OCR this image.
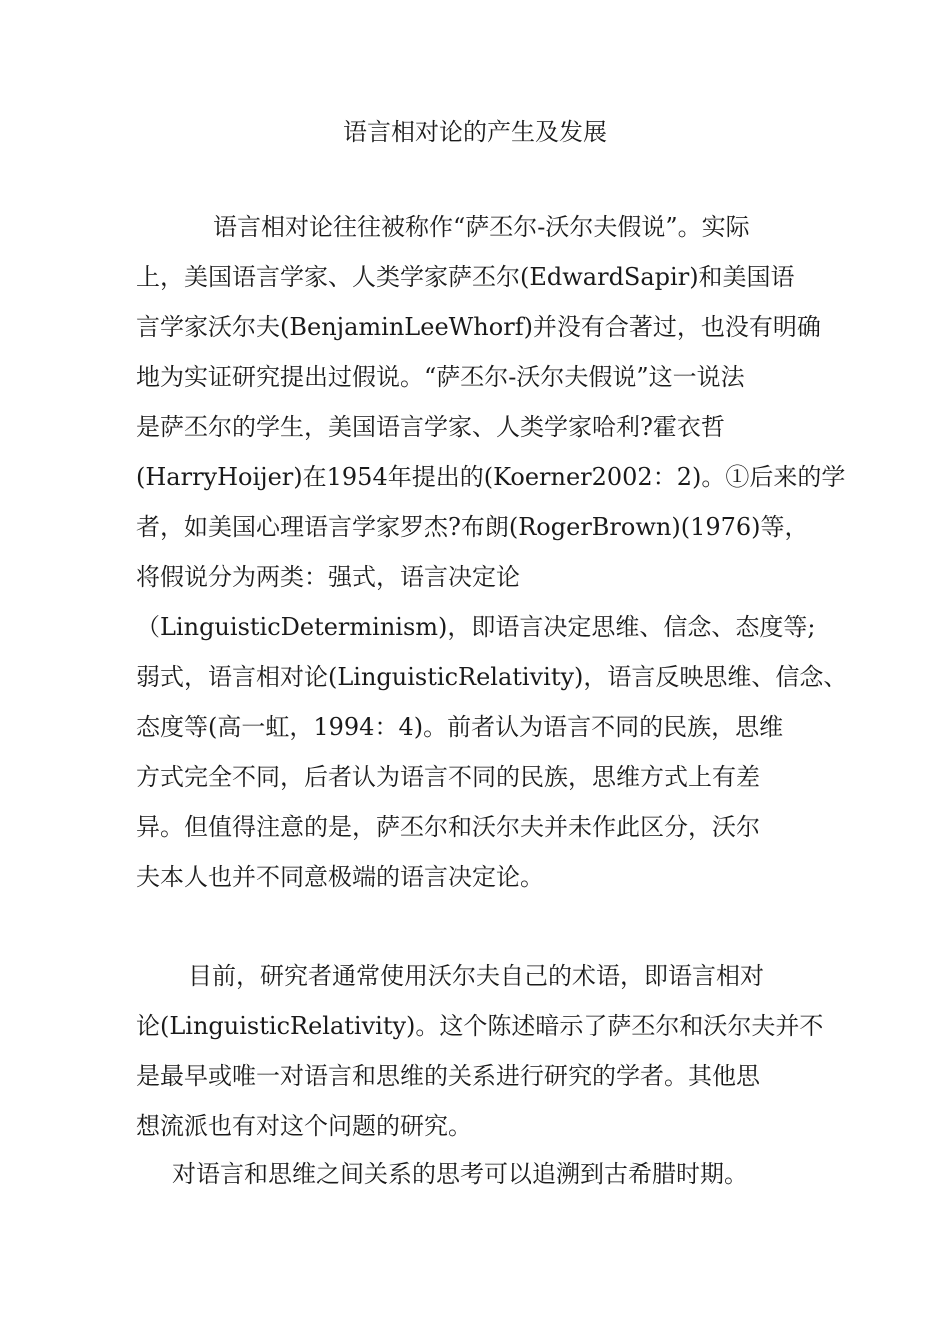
语言相对论的产生及发展

语言相对论往往被称作“萨丕尔-沃尔夫假说”。实际

上，美国语言学家、人类学家萨丕尔(EdwardSapir)和美国语

言学家沃尔夫(BenjaminLeeWhorf)并没有合著过，也没有明确

地为实证研究提出过假说。“萨丕尔-沃尔夫假说”这一说法

是萨丕尔的学生，美国语言学家、人类学家哈利?霍衣哲

(HarryHoijer)在1954年提出的(Koerner2002：2)。①后来的学

者，如美国心理语言学家罗杰?布朗(RogerBrown)(1976)等，

将假说分为两类：强式，语言决定论

（LinguisticDeterminism)，即语言决定思维、信念、态度等;

弱式，语言相对论(LinguisticRelativity)，语言反映思维、信念、

态度等(高一虹，1994：4)。前者认为语言不同的民族，思维

方式完全不同，后者认为语言不同的民族，思维方式上有差

异。但值得注意的是，萨丕尔和沃尔夫并未作此区分，沃尔

夫本人也并不同意极端的语言决定论。

目前，研究者通常使用沃尔夫自己的术语，即语言相对

论(LinguisticRelativity)。这个陈述暗示了萨丕尔和沃尔夫并不

是最早或唯一对语言和思维的关系进行研究的学者。其他思

想流派也有对这个问题的研究。

对语言和思维之间关系的思考可以追溯到古希腊时期。
